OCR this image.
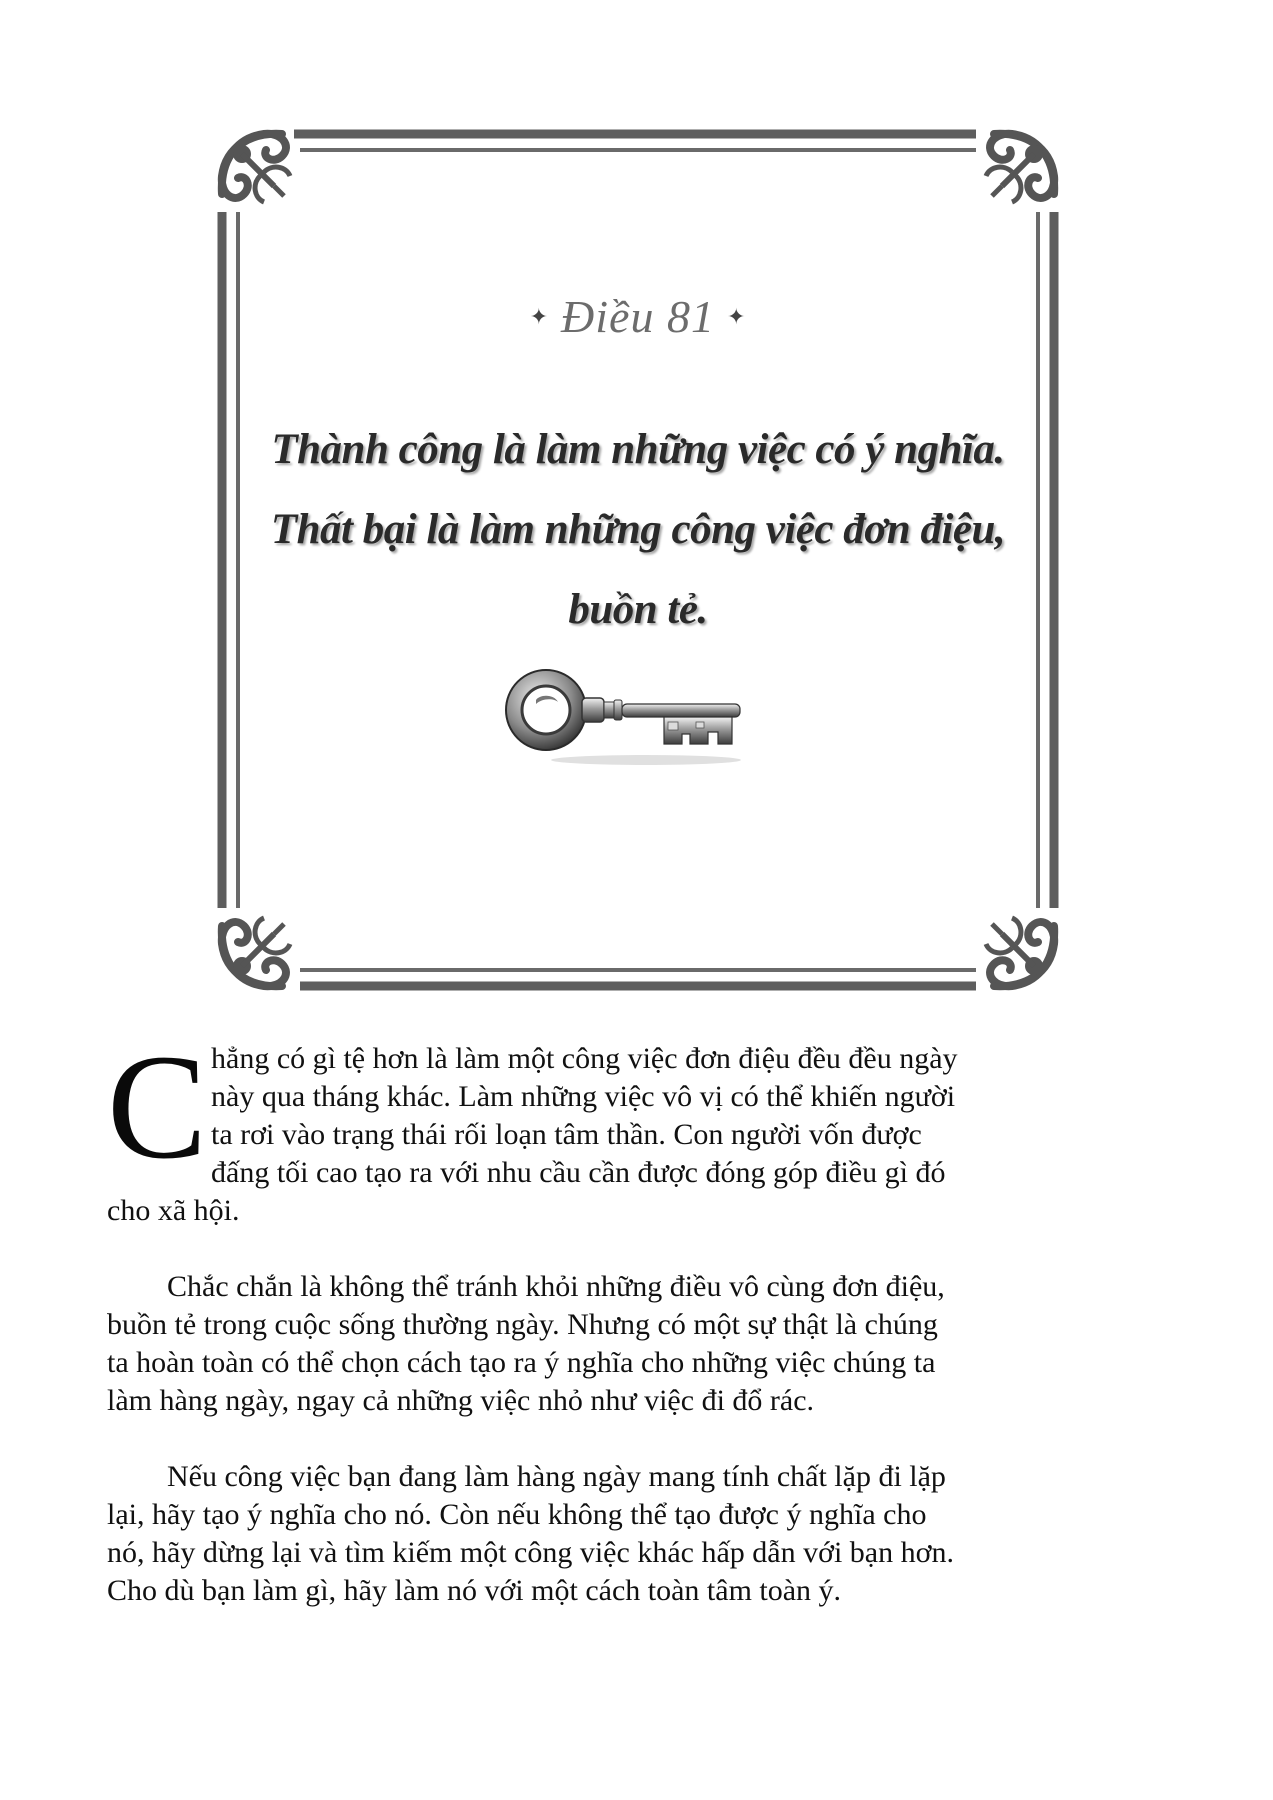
✦ Điều 81 ✦
Thành công là làm những việc có ý nghĩa.
Thất bại là làm những công việc đơn điệu,
buồn tẻ.
C hẳng có gì tệ hơn là làm một công việc đơn điệu đều đều ngày
này qua tháng khác. Làm những việc vô vị có thể khiến người
ta rơi vào trạng thái rối loạn tâm thần. Con người vốn được
đấng tối cao tạo ra với nhu cầu cần được đóng góp điều gì đó
cho xã hội.
Chắc chắn là không thể tránh khỏi những điều vô cùng đơn điệu,
buồn tẻ trong cuộc sống thường ngày. Nhưng có một sự thật là chúng
ta hoàn toàn có thể chọn cách tạo ra ý nghĩa cho những việc chúng ta
làm hàng ngày, ngay cả những việc nhỏ như việc đi đổ rác.
Nếu công việc bạn đang làm hàng ngày mang tính chất lặp đi lặp
lại, hãy tạo ý nghĩa cho nó. Còn nếu không thể tạo được ý nghĩa cho
nó, hãy dừng lại và tìm kiếm một công việc khác hấp dẫn với bạn hơn.
Cho dù bạn làm gì, hãy làm nó với một cách toàn tâm toàn ý.
